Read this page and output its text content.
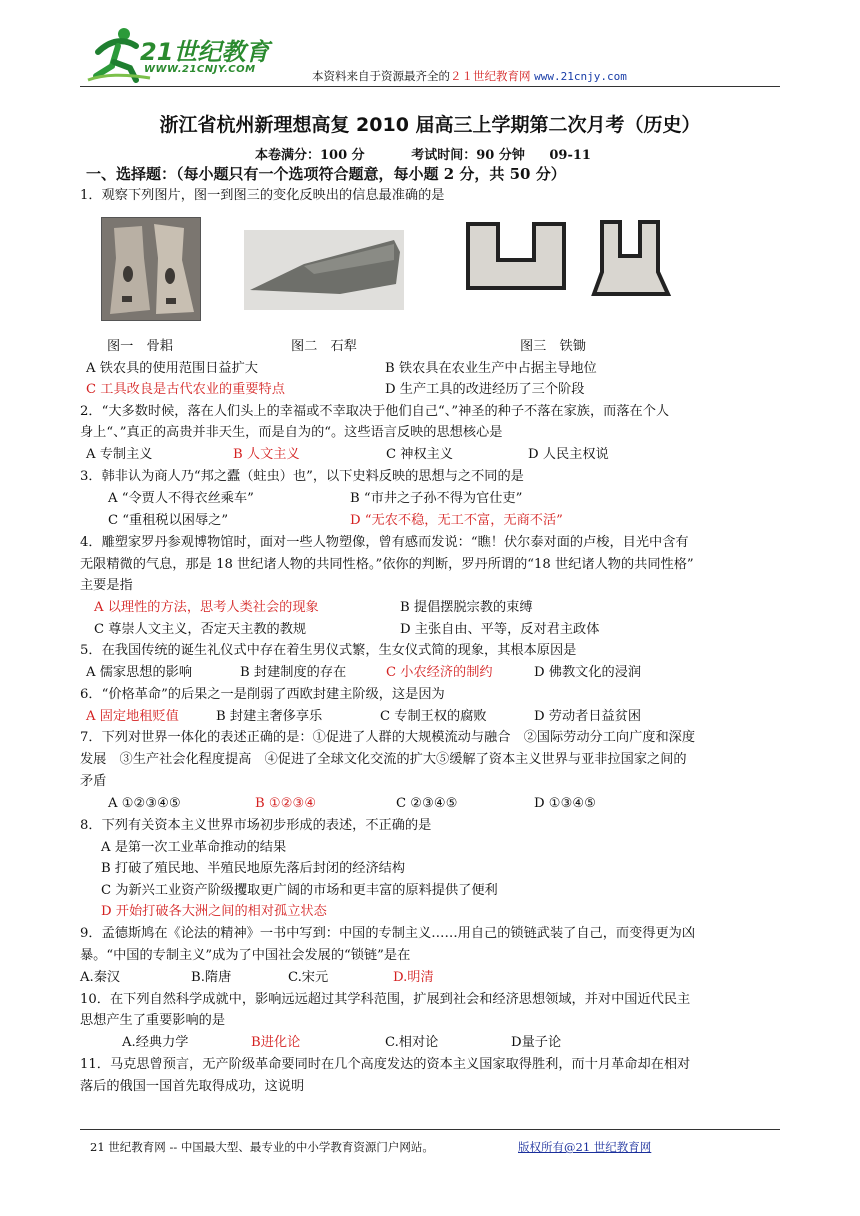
21世纪教育
WWW.21CNJY.COM	本资料来自于资源最齐全的２１世纪教育网 www.21cnjy.com
浙江省杭州新理想高复 2010 届高三上学期第二次月考（历史）
本卷满分：100 分	考试时间：90 分钟 09-11
一、选择题：（每小题只有一个选项符合题意，每小题 2 分，共 50 分）
1．观察下列图片，图一到图三的变化反映出的信息最准确的是
图一　骨耜	图二　石犁	图三　铁锄
A 铁农具的使用范围日益扩大	B 铁农具在农业生产中占据主导地位
C 工具改良是古代农业的重要特点	D 生产工具的改进经历了三个阶段
2．“大多数时候，落在人们头上的幸福或不幸取决于他们自己“、”神圣的种子不落在家族，而落在个人
身上“、”真正的高贵并非天生，而是自为的“。这些语言反映的思想核心是
A 专制主义	B 人文主义	C 神权主义	D 人民主权说
3．韩非认为商人乃“邦之蠹（蛀虫）也”，以下史料反映的思想与之不同的是
A “令贾人不得衣丝乘车”	B “市井之子孙不得为官仕吏”
C “重租税以困辱之”	D “无农不稳，无工不富，无商不活”
4．雕塑家罗丹参观博物馆时，面对一些人物塑像，曾有感而发说：“瞧！伏尔泰对面的卢梭，目光中含有
无限精微的气息，那是 18 世纪诸人物的共同性格。”依你的判断，罗丹所谓的“18 世纪诸人物的共同性格”
主要是指
A 以理性的方法，思考人类社会的现象	B 提倡摆脱宗教的束缚
C 尊崇人文主义，否定天主教的教规	D 主张自由、平等，反对君主政体
5．在我国传统的诞生礼仪式中存在着生男仪式繁，生女仪式简的现象，其根本原因是
A 儒家思想的影响	B 封建制度的存在	C 小农经济的制约	D 佛教文化的浸润
6．“价格革命”的后果之一是削弱了西欧封建主阶级，这是因为
A 固定地租贬值	B 封建主奢侈享乐	C 专制王权的腐败	D 劳动者日益贫困
7．下列对世界一体化的表述正确的是：①促进了人群的大规模流动与融合　②国际劳动分工向广度和深度
发展　③生产社会化程度提高　④促进了全球文化交流的扩大⑤缓解了资本主义世界与亚非拉国家之间的
矛盾
A ①②③④⑤	B ①②③④	C ②③④⑤	D ①③④⑤
8．下列有关资本主义世界市场初步形成的表述，不正确的是
A 是第一次工业革命推动的结果
B 打破了殖民地、半殖民地原先落后封闭的经济结构
C 为新兴工业资产阶级攫取更广阔的市场和更丰富的原料提供了便利
D 开始打破各大洲之间的相对孤立状态
9．孟德斯鸠在《论法的精神》一书中写到：中国的专制主义……用自己的锁链武装了自己，而变得更为凶
暴。“中国的专制主义”成为了中国社会发展的“锁链”是在
A.秦汉	B.隋唐	C.宋元	D.明清
10．在下列自然科学成就中，影响远远超过其学科范围，扩展到社会和经济思想领域，并对中国近代民主
思想产生了重要影响的是
A.经典力学	B进化论	C.相对论	D量子论
11．马克思曾预言，无产阶级革命要同时在几个高度发达的资本主义国家取得胜利，而十月革命却在相对
落后的俄国一国首先取得成功，这说明
21 世纪教育网 -- 中国最大型、最专业的中小学教育资源门户网站。	版权所有@21 世纪教育网
